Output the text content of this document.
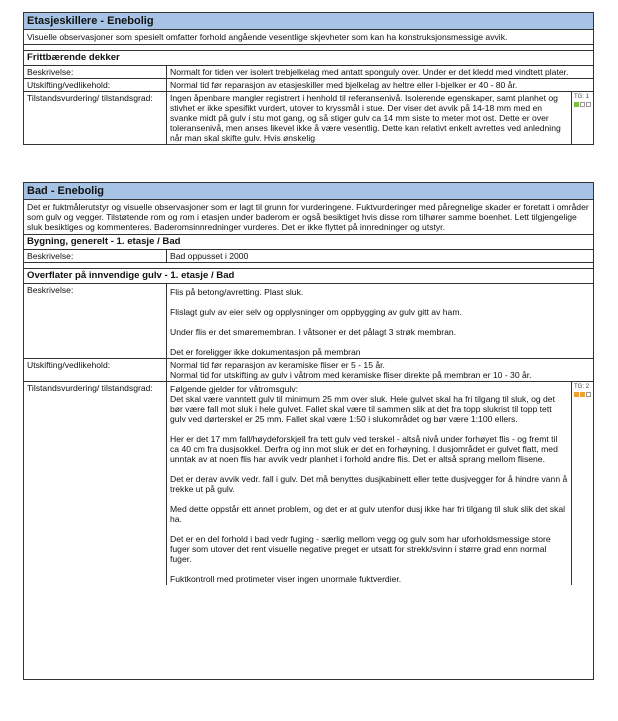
Etasjeskillere - Enebolig
Visuelle observasjoner som spesielt omfatter forhold angående vesentlige skjevheter som kan ha konstruksjonsmessige avvik.
Frittbærende dekker
Beskrivelse:	Normalt for tiden ver isolert trebjelkelag med antatt sponguly over. Under er det kledd med vindtett plater.
Utskifting/vedlikehold:	Normal tid før reparasjon av etasjeskiller med bjelkelag av heltre eller I-bjelker er 40 - 80 år.
Tilstandsvurdering/ tilstandsgrad:	Ingen åpenbare mangler registrert i henhold til referansenivå. Isolerende egenskaper, samt planhet og stivhet er ikke spesifikt vurdert, utover to kryssmål i stue. Der viser det avvik på 14-18 mm med en svanke midt på gulv i stu mot gang, og så stiger gulv ca 14 mm siste to meter mot ost. Dette er over toleransenivå, men anses likevel ikke å være vesentlig. Dette kan relativt enkelt avrettes ved anledning når man skal skifte gulv. Hvis ønskelig
TG: 1
Bad - Enebolig
Det er fuktmålerutstyr og visuelle observasjoner som er lagt til grunn for vurderingene. Fuktvurderinger med påregnelige skader er foretatt i områder som gulv og vegger. Tilstøtende rom og rom i etasjen under baderom er også besiktiget hvis disse rom tilhører samme boenhet. Lett tilgjengelige sluk besiktiges og kommenteres. Baderomsinnredninger vurderes. Det er ikke flyttet på innredninger og utstyr.
Bygning, generelt - 1. etasje / Bad
Beskrivelse:	Bad oppusset i 2000
Overflater på innvendige gulv - 1. etasje / Bad
Beskrivelse:	Flis på betong/avretting. Plast sluk.

Flislagt gulv av eier selv og opplysninger om oppbygging av gulv gitt av ham.

Under flis er det smøremembran. I våtsoner er det pålagt 3 strøk membran.

Det er foreligger ikke dokumentasjon på membran

Utskifting/vedlikehold:	Normal tid før reparasjon av keramiske fliser er 5 - 15 år.
Normal tid for utskifting av gulv i våtrom med keramiske fliser direkte på membran er 10 - 30 år.
Tilstandsvurdering/ tilstandsgrad:	Følgende gjelder for våtromsgulv:
Det skal være vanntett gulv til minimum 25 mm over sluk. Hele gulvet skal ha fri tilgang til sluk, og det bør være fall mot sluk i hele gulvet. Fallet skal være til sammen slik at det fra topp slukrist til topp tett gulv ved dørterskel er 25 mm. Fallet skal være 1:50 i slukområdet og bør være 1:100 ellers.

Her er det 17 mm fall/høydeforskjell fra tett gulv ved terskel - altså nivå under forhøyet flis - og fremt til ca 40 cm fra dusjsokkel. Derfra og inn mot sluk er det en forhøyning. I dusjområdet er gulvet flatt, med unntak av at noen flis har avvik vedr planhet i forhold andre flis. Det er altså sprang mellom flisene.

Det er derav avvik vedr. fall i gulv. Det må benyttes dusjkabinett eller tette dusjvegger for å hindre vann å trekke ut på gulv.

Med dette oppstår ett annet problem, og det er at gulv utenfor dusj ikke har fri tilgang til sluk slik det skal ha.

Det er en del forhold i bad vedr fuging - særlig mellom vegg og gulv som har uforholdsmessige store fuger som utover det rent visuelle negative preget er utsatt for strekk/svinn i større grad enn normal fuger.

Fuktkontroll med protimeter viser ingen unormale fuktverdier.

TG: 2
